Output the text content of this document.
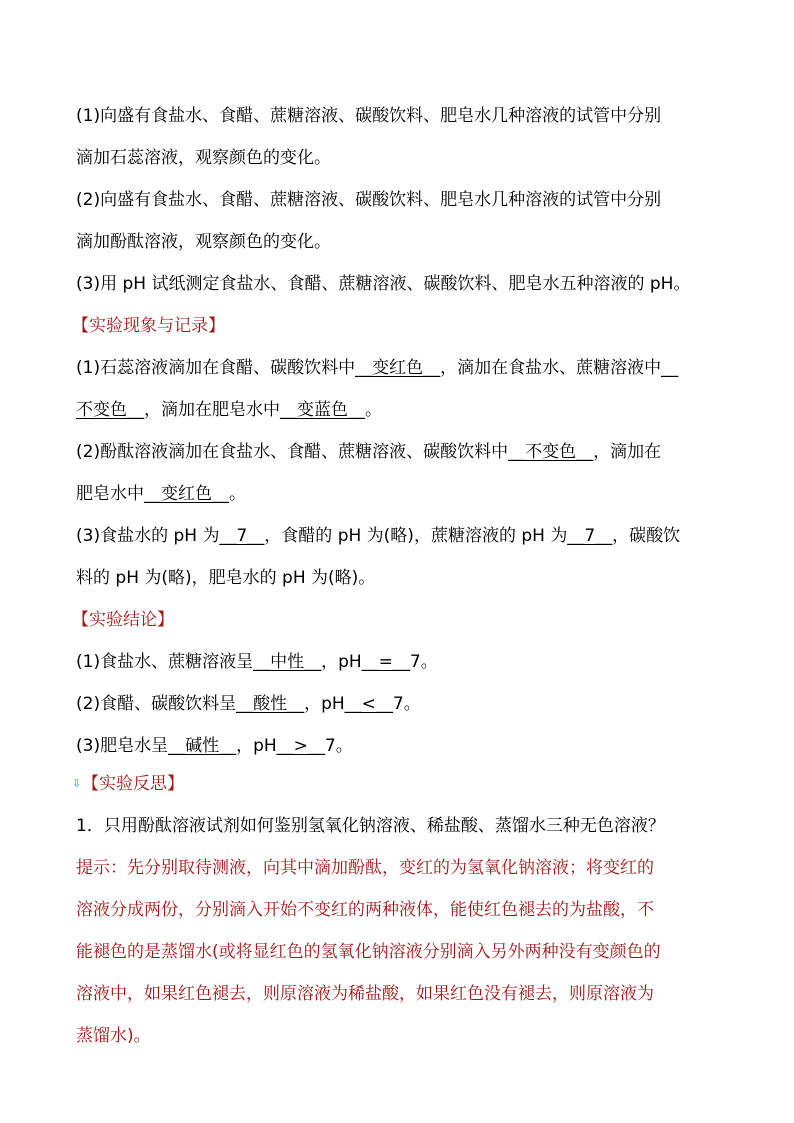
(1)向盛有食盐水、食醋、蔗糖溶液、碳酸饮料、肥皂水几种溶液的试管中分别
滴加石蕊溶液，观察颜色的变化。
(2)向盛有食盐水、食醋、蔗糖溶液、碳酸饮料、肥皂水几种溶液的试管中分别
滴加酚酞溶液，观察颜色的变化。
(3)用 pH 试纸测定食盐水、食醋、蔗糖溶液、碳酸饮料、肥皂水五种溶液的 pH。
【实验现象与记录】
(1)石蕊溶液滴加在食醋、碳酸饮料中__变红色__，滴加在食盐水、蔗糖溶液中__
不变色__，滴加在肥皂水中__变蓝色__。
(2)酚酞溶液滴加在食盐水、食醋、蔗糖溶液、碳酸饮料中__不变色__，滴加在
肥皂水中__变红色__。
(3)食盐水的 pH 为__7__，食醋的 pH 为(略)，蔗糖溶液的 pH 为__7__，碳酸饮
料的 pH 为(略)，肥皂水的 pH 为(略)。
【实验结论】
(1)食盐水、蔗糖溶液呈__中性__，pH__=__7。
(2)食醋、碳酸饮料呈__酸性__，pH__<__7。
(3)肥皂水呈__碱性__，pH__>__7。
⇩【实验反思】
1．只用酚酞溶液试剂如何鉴别氢氧化钠溶液、稀盐酸、蒸馏水三种无色溶液？
提示：先分别取待测液，向其中滴加酚酞，变红的为氢氧化钠溶液；将变红的
溶液分成两份，分别滴入开始不变红的两种液体，能使红色褪去的为盐酸，不
能褪色的是蒸馏水(或将显红色的氢氧化钠溶液分别滴入另外两种没有变颜色的
溶液中，如果红色褪去，则原溶液为稀盐酸，如果红色没有褪去，则原溶液为
蒸馏水)。
